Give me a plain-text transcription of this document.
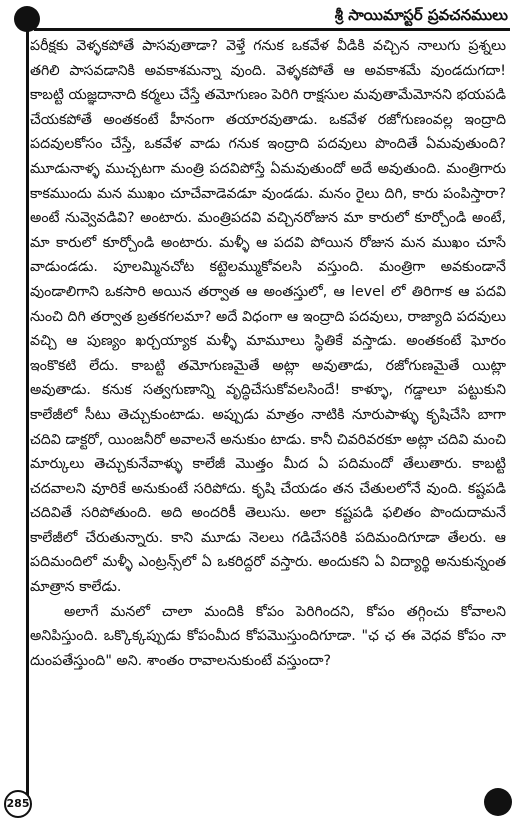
శ్రీ సాయిమాస్టర్ ప్రవచనములు

పరీక్షకు వెళ్ళకపోతే పాసవుతాడా? వెళ్తే గనుక ఒకవేళ వీడికి వచ్చిన నాలుగు ప్రశ్నలు తగిలి పాసవడానికి అవకాశమన్నా వుంది. వెళ్ళకపోతే ఆ అవకాశమే వుండదుగదా! కాబట్టి యజ్ఞదానాది కర్మలు చేస్తే తమోగుణం పెరిగి రాక్షసుల మవుతామేమోనని భయపడి చేయకపోతే అంతకంటే హీనంగా తయారవుతాడు. ఒకవేళ రజోగుణంవల్ల ఇంద్రాది పదవులకోసం చేస్తే, ఒకవేళ వాడు గనుక ఇంద్రాది పదవులు పొందితే ఏమవుతుంది? మూడునాళ్ళ ముచ్చటగా మంత్రి పదవిపోస్తే ఏమవుతుందో అదే అవుతుంది. మంత్రిగారు కాకముందు మన ముఖం చూచేవాడెవడూ వుండడు. మనం రైలు దిగి, కారు పంపిస్తారా? అంటే నువ్వెవడివి? అంటారు. మంత్రిపదవి వచ్చినరోజున మా కారులో కూర్చోండి అంటే, మా కారులో కూర్చోండి అంటారు. మళ్ళీ ఆ పదవి పోయిన రోజున మన ముఖం చూసే వాడుండడు. పూలమ్మినచోట కట్టెలమ్ముకోవలసి వస్తుంది. మంత్రిగా అవకుండానే వుండాలిగాని ఒకసారి అయిన తర్వాత ఆ అంతస్తులో, ఆ level లో తిరిగాక ఆ పదవి నుంచి దిగి తర్వాత బ్రతకగలమా? అదే విధంగా ఆ ఇంద్రాది పదవులు, రాజ్యాది పదవులు వచ్చి ఆ పుణ్యం ఖర్చయ్యాక మళ్ళీ మామూలు స్థితికే వస్తాడు. అంతకంటే ఘోరం ఇంకొకటి లేదు. కాబట్టి తమోగుణమైతే అట్లా అవుతాడు, రజోగుణమైతే యిట్లా అవుతాడు. కనుక సత్వగుణాన్ని వృద్ధిచేసుకోవలసిందే! కాళ్ళూ, గడ్డాలూ పట్టుకుని కాలేజీలో సీటు తెచ్చుకుంటాడు. అప్పుడు మాత్రం నాటికి నూరుపాళ్ళు కృషిచేసి బాగా చదివి డాక్టరో, యింజనీరో అవాలనే అనుకుం టాడు. కానీ చివరివరకూ అట్లా చదివి మంచి మార్కులు తెచ్చుకునేవాళ్ళు కాలేజీ మొత్తం మీద ఏ పదిమందో తేలుతారు. కాబట్టి చదవాలని వూరికే అనుకుంటే సరిపోదు. కృషి చేయడం తన చేతులలోనే వుంది. కష్టపడి చదివితే సరిపోతుంది. అది అందరికీ తెలుసు. అలా కష్టపడి ఫలితం పొందుదామనే కాలేజీలో చేరుతున్నారు. కాని మూడు నెలలు గడిచేసరికి పదిమందిగూడా తేలరు. ఆ పదిమందిలో మళ్ళీ ఎంట్రన్స్‌లో ఏ ఒకరిద్దరో వస్తారు. అందుకని ఏ విద్యార్థి అనుకున్నంత మాత్రాన కాలేడు.

అలాగే మనలో చాలా మందికి కోపం పెరిగిందని, కోపం తగ్గించు కోవాలని అనిపిస్తుంది. ఒక్కొక్కప్పుడు కోపంమీద కోపమొస్తుందిగూడా. "ఛ ఛ ఈ వెధవ కోపం నా దుంపతేస్తుంది" అని. శాంతం రావాలనుకుంటే వస్తుందా?

285
